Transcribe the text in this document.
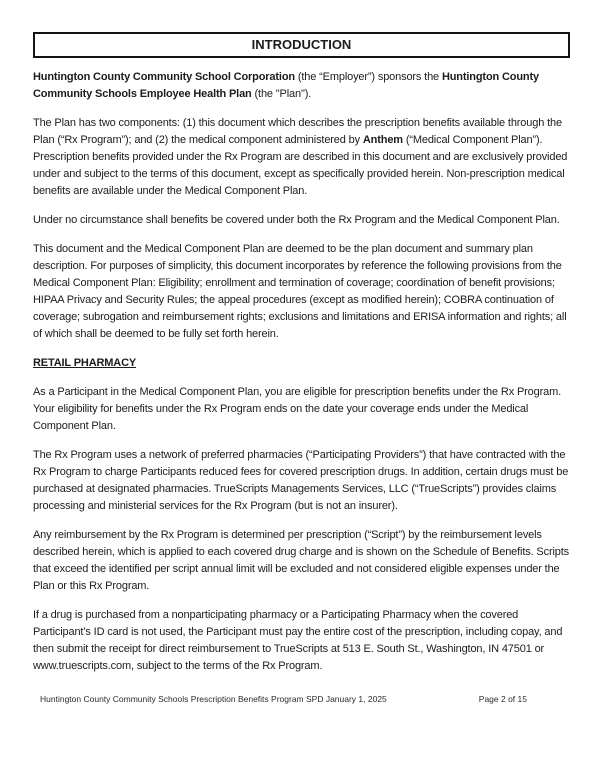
INTRODUCTION

Huntington County Community School Corporation (the “Employer”) sponsors the Huntington County Community Schools Employee Health Plan (the "Plan").

The Plan has two components: (1) this document which describes the prescription benefits available through the Plan (“Rx Program”); and (2) the medical component administered by Anthem (“Medical Component Plan”). Prescription benefits provided under the Rx Program are described in this document and are exclusively provided under and subject to the terms of this document, except as specifically provided herein. Non-prescription medical benefits are available under the Medical Component Plan.

Under no circumstance shall benefits be covered under both the Rx Program and the Medical Component Plan.

This document and the Medical Component Plan are deemed to be the plan document and summary plan description. For purposes of simplicity, this document incorporates by reference the following provisions from the Medical Component Plan: Eligibility; enrollment and termination of coverage; coordination of benefit provisions; HIPAA Privacy and Security Rules; the appeal procedures (except as modified herein); COBRA continuation of coverage; subrogation and reimbursement rights; exclusions and limitations and ERISA information and rights; all of which shall be deemed to be fully set forth herein.

RETAIL PHARMACY

As a Participant in the Medical Component Plan, you are eligible for prescription benefits under the Rx Program. Your eligibility for benefits under the Rx Program ends on the date your coverage ends under the Medical Component Plan.

The Rx Program uses a network of preferred pharmacies (“Participating Providers”) that have contracted with the Rx Program to charge Participants reduced fees for covered prescription drugs. In addition, certain drugs must be purchased at designated pharmacies. TrueScripts Managements Services, LLC (“TrueScripts”) provides claims processing and ministerial services for the Rx Program (but is not an insurer).

Any reimbursement by the Rx Program is determined per prescription (“Script”) by the reimbursement levels described herein, which is applied to each covered drug charge and is shown on the Schedule of Benefits. Scripts that exceed the identified per script annual limit will be excluded and not considered eligible expenses under the Plan or this Rx Program.

If a drug is purchased from a nonparticipating pharmacy or a Participating Pharmacy when the covered Participant’s ID card is not used, the Participant must pay the entire cost of the prescription, including copay, and then submit the receipt for direct reimbursement to TrueScripts at 513 E. South St., Washington, IN 47501 or www.truescripts.com, subject to the terms of the Rx Program.

Huntington County Community Schools Prescription Benefits Program SPD January 1, 2025	Page 2 of 15
